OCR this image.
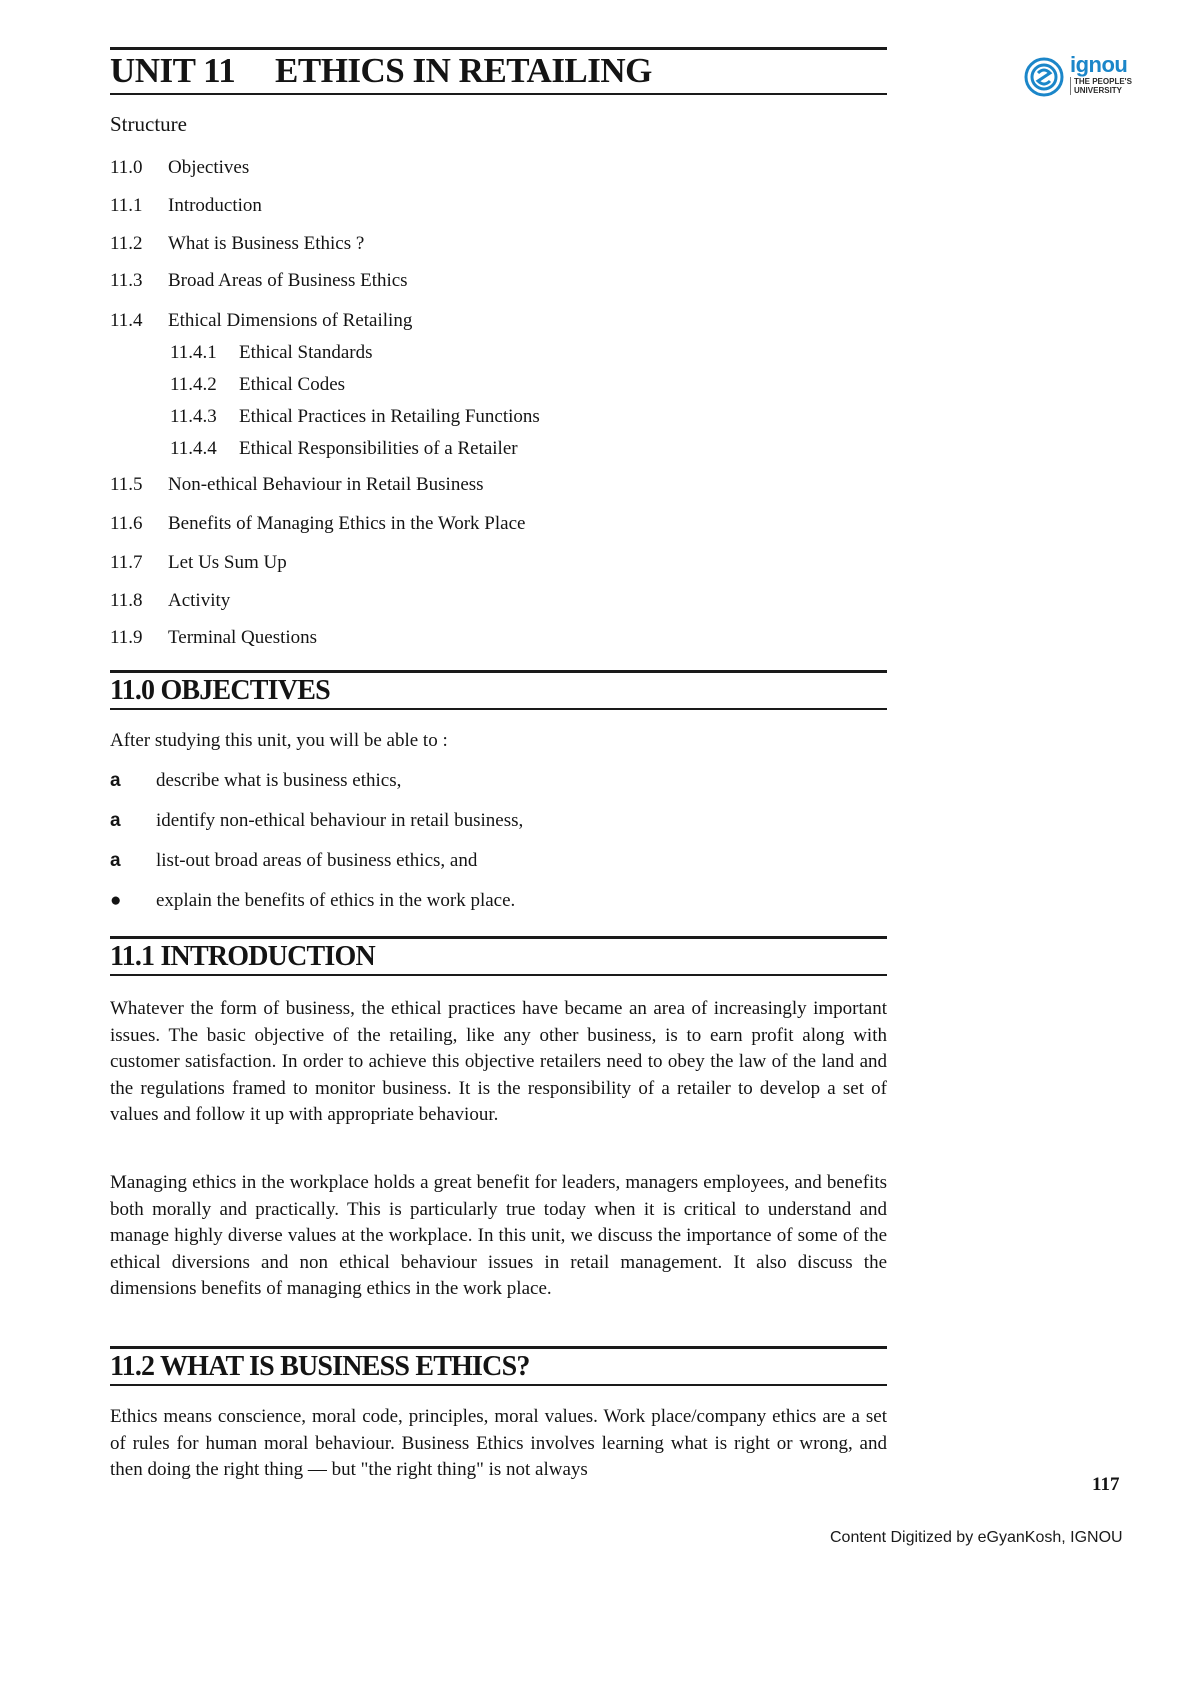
UNIT 11 ETHICS IN RETAILING	ignou
THE PEOPLE'S
UNIVERSITY
Structure
11.0 Objectives
11.1 Introduction
11.2 What is Business Ethics ?
11.3 Broad Areas of Business Ethics
11.4 Ethical Dimensions of Retailing
11.4.1 Ethical Standards
11.4.2 Ethical Codes
11.4.3 Ethical Practices in Retailing Functions
11.4.4 Ethical Responsibilities of a Retailer
11.5 Non-ethical Behaviour in Retail Business
11.6 Benefits of Managing Ethics in the Work Place
11.7 Let Us Sum Up
11.8 Activity
11.9 Terminal Questions
11.0 OBJECTIVES
After studying this unit, you will be able to :
a describe what is business ethics,
a identify non-ethical behaviour in retail business,
a list-out broad areas of business ethics, and
● explain the benefits of ethics in the work place.
11.1 INTRODUCTION

Whatever the form of business, the ethical practices have became an area of increasingly important issues. The basic objective of the retailing, like any other business, is to earn profit along with customer satisfaction. In order to achieve this objective retailers need to obey the law of the land and the regulations framed to monitor business. It is the responsibility of a retailer to develop a set of values and follow it up with appropriate behaviour.

Managing ethics in the workplace holds a great benefit for leaders, managers employees, and benefits both morally and practically. This is particularly true today when it is critical to understand and manage highly diverse values at the workplace. In this unit, we discuss the importance of some of the ethical diversions and non ethical behaviour issues in retail management. It also discuss the dimensions benefits of managing ethics in the work place.

11.2 WHAT IS BUSINESS ETHICS?

Ethics means conscience, moral code, principles, moral values. Work place/company ethics are a set of rules for human moral behaviour. Business Ethics involves learning what is right or wrong, and then doing the right thing — but "the right thing" is not always

117
Content Digitized by eGyanKosh, IGNOU
